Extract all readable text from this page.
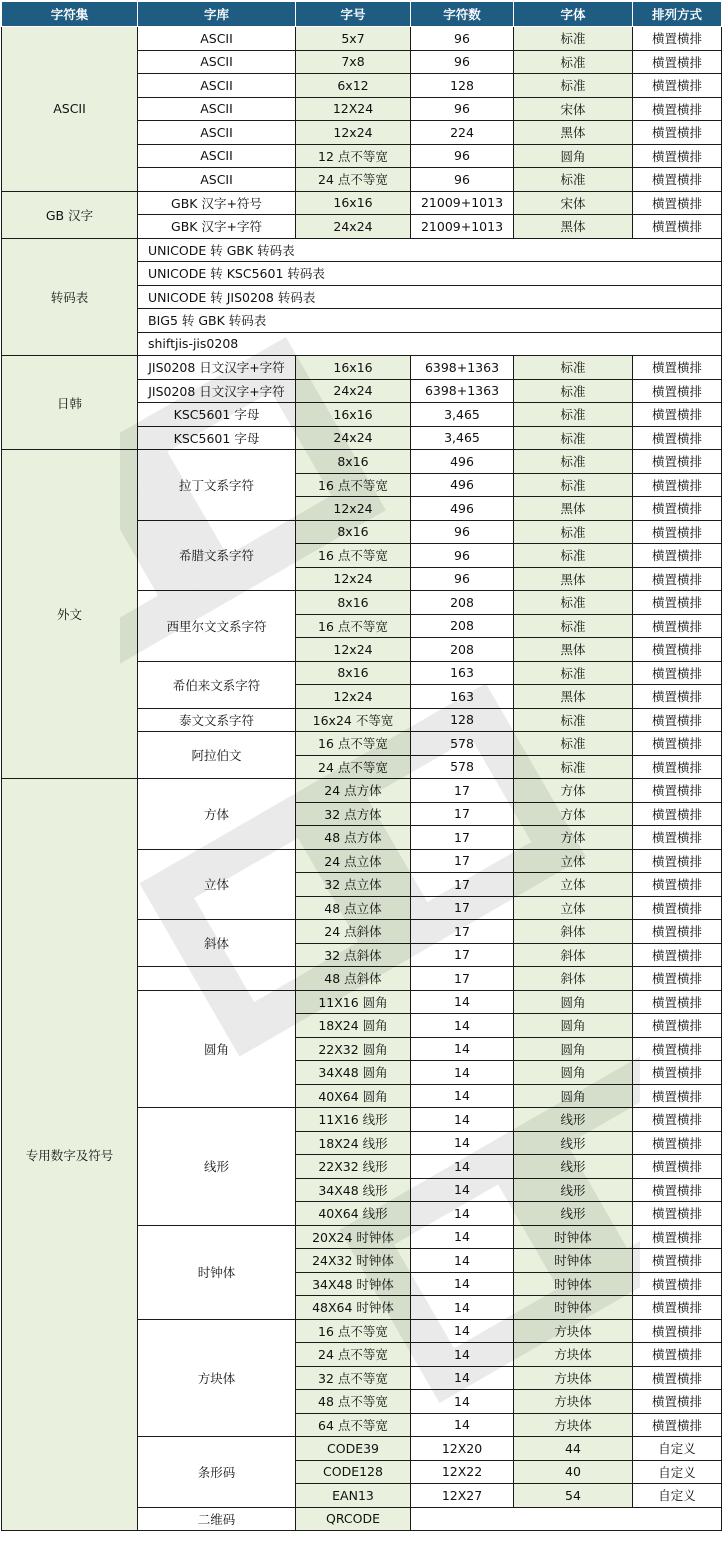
字符集	字库	字号	字符数	字体	排列方式
ASCII	ASCII	5x7	96	标准	横置横排
	ASCII	7x8	96	标准	横置横排
	ASCII	6x12	128	标准	横置横排
	ASCII	12X24	96	宋体	横置横排
	ASCII	12x24	224	黑体	横置横排
	ASCII	12 点不等宽	96	圆角	横置横排
	ASCII	24 点不等宽	96	标准	横置横排
GB 汉字	GBK 汉字+符号	16x16	21009+1013	宋体	横置横排
	GBK 汉字+字符	24x24	21009+1013	黑体	横置横排
转码表	UNICODE 转 GBK 转码表				
	UNICODE 转 KSC5601 转码表				
	UNICODE 转 JIS0208 转码表				
	BIG5 转 GBK 转码表				
	shiftjis-jis0208				
日韩	JIS0208 日文汉字+字符	16x16	6398+1363	标准	横置横排
	JIS0208 日文汉字+字符	24x24	6398+1363	标准	横置横排
	KSC5601 字母	16x16	3,465	标准	横置横排
	KSC5601 字母	24x24	3,465	标准	横置横排
外文	拉丁文系字符	8x16	496	标准	横置横排
		16 点不等宽	496	标准	横置横排
		12x24	496	黑体	横置横排
	希腊文系字符	8x16	96	标准	横置横排
		16 点不等宽	96	标准	横置横排
		12x24	96	黑体	横置横排
	西里尔文文系字符	8x16	208	标准	横置横排
		16 点不等宽	208	标准	横置横排
		12x24	208	黑体	横置横排
	希伯来文系字符	8x16	163	标准	横置横排
		12x24	163	黑体	横置横排
	泰文文系字符	16x24 不等宽	128	标准	横置横排
	阿拉伯文	16 点不等宽	578	标准	横置横排
		24 点不等宽	578	标准	横置横排
专用数字及符号	方体	24 点方体	17	方体	横置横排
		32 点方体	17	方体	横置横排
		48 点方体	17	方体	横置横排
	立体	24 点立体	17	立体	横置横排
		32 点立体	17	立体	横置横排
		48 点立体	17	立体	横置横排
	斜体	24 点斜体	17	斜体	横置横排
		32 点斜体	17	斜体	横置横排
		48 点斜体	17	斜体	横置横排
	圆角	11X16 圆角	14	圆角	横置横排
		18X24 圆角	14	圆角	横置横排
		22X32 圆角	14	圆角	横置横排
		34X48 圆角	14	圆角	横置横排
		40X64 圆角	14	圆角	横置横排
	线形	11X16 线形	14	线形	横置横排
		18X24 线形	14	线形	横置横排
		22X32 线形	14	线形	横置横排
		34X48 线形	14	线形	横置横排
		40X64 线形	14	线形	横置横排
	时钟体	20X24 时钟体	14	时钟体	横置横排
		24X32 时钟体	14	时钟体	横置横排
		34X48 时钟体	14	时钟体	横置横排
		48X64 时钟体	14	时钟体	横置横排
	方块体	16 点不等宽	14	方块体	横置横排
		24 点不等宽	14	方块体	横置横排
		32 点不等宽	14	方块体	横置横排
		48 点不等宽	14	方块体	横置横排
		64 点不等宽	14	方块体	横置横排
	条形码	CODE39	12X20	44	自定义
		CODE128	12X22	40	自定义
		EAN13	12X27	54	自定义
	二维码	QRCODE			
